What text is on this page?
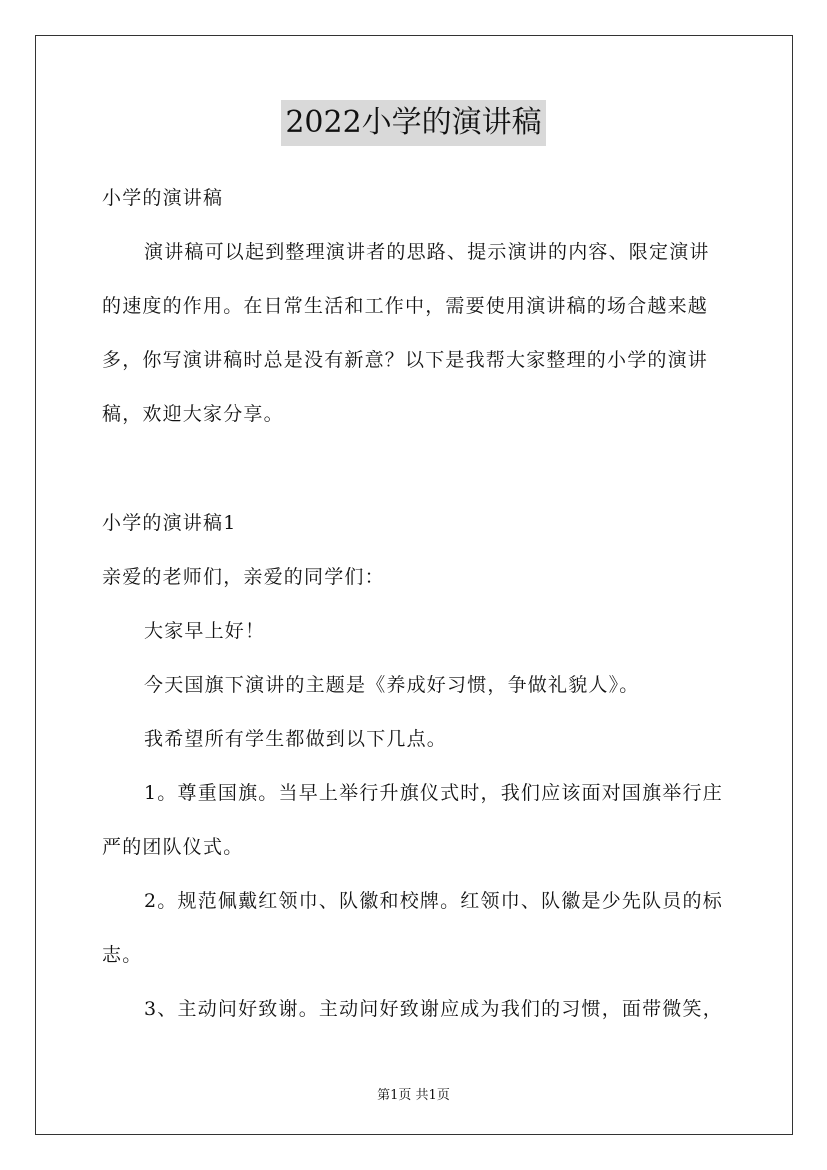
2022小学的演讲稿
小学的演讲稿
演讲稿可以起到整理演讲者的思路、提示演讲的内容、限定演讲
的速度的作用。在日常生活和工作中，需要使用演讲稿的场合越来越
多，你写演讲稿时总是没有新意？以下是我帮大家整理的小学的演讲
稿，欢迎大家分享。
小学的演讲稿1
亲爱的老师们，亲爱的同学们：
大家早上好！
今天国旗下演讲的主题是《养成好习惯，争做礼貌人》。
我希望所有学生都做到以下几点。
1。尊重国旗。当早上举行升旗仪式时，我们应该面对国旗举行庄
严的团队仪式。
2。规范佩戴红领巾、队徽和校牌。红领巾、队徽是少先队员的标
志。
3、主动问好致谢。主动问好致谢应成为我们的习惯，面带微笑，
第1页 共1页
